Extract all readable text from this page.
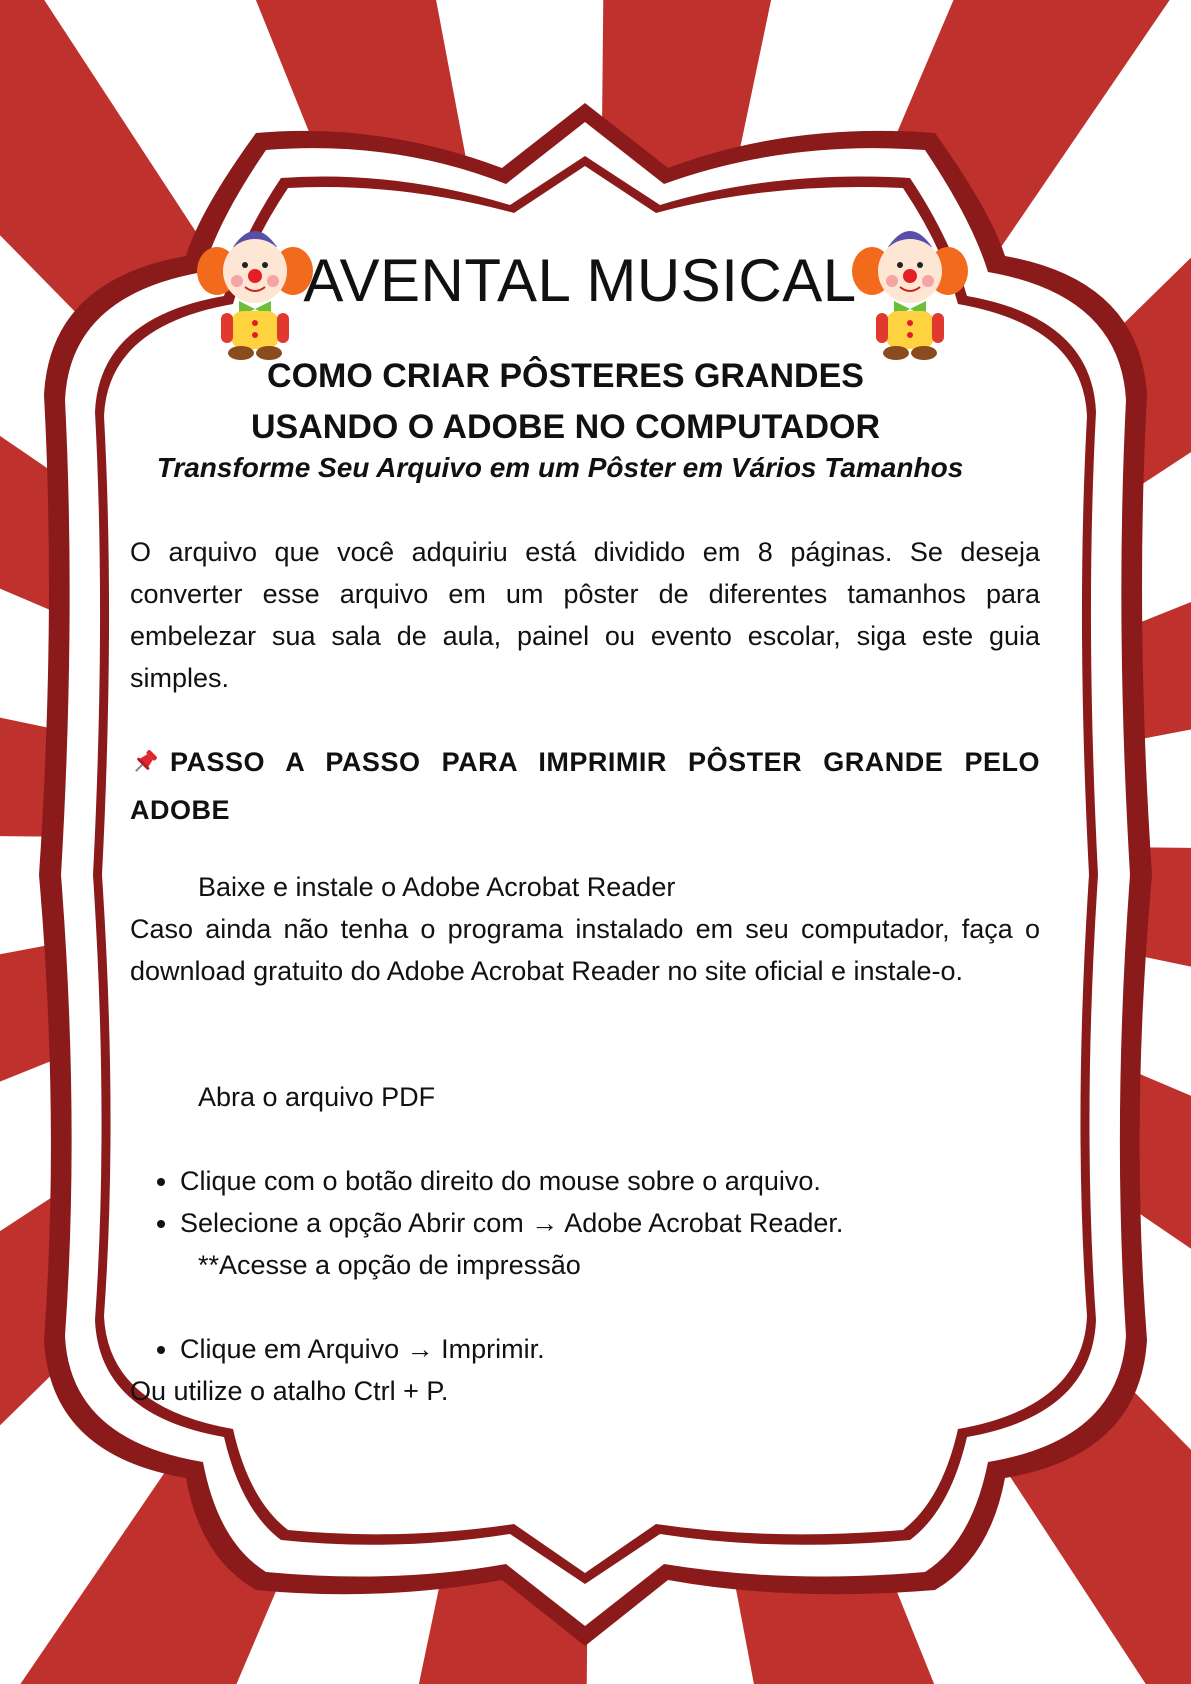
AVENTAL MUSICAL

COMO CRIAR PÔSTERES GRANDES

USANDO O ADOBE NO COMPUTADOR

Transforme Seu Arquivo em um Pôster em Vários Tamanhos

O arquivo que você adquiriu está dividido em 8 páginas. Se deseja converter esse arquivo em um pôster de diferentes tamanhos para embelezar sua sala de aula, painel ou evento escolar, siga este guia simples.

PASSO A PASSO PARA IMPRIMIR PÔSTER GRANDE PELO ADOBE

Baixe e instale o Adobe Acrobat Reader

Caso ainda não tenha o programa instalado em seu computador, faça o download gratuito do Adobe Acrobat Reader no site oficial e instale-o.

Abra o arquivo PDF

• Clique com o botão direito do mouse sobre o arquivo.
• Selecione a opção Abrir com → Adobe Acrobat Reader.

**Acesse a opção de impressão

• Clique em Arquivo → Imprimir.

Ou utilize o atalho Ctrl + P.
